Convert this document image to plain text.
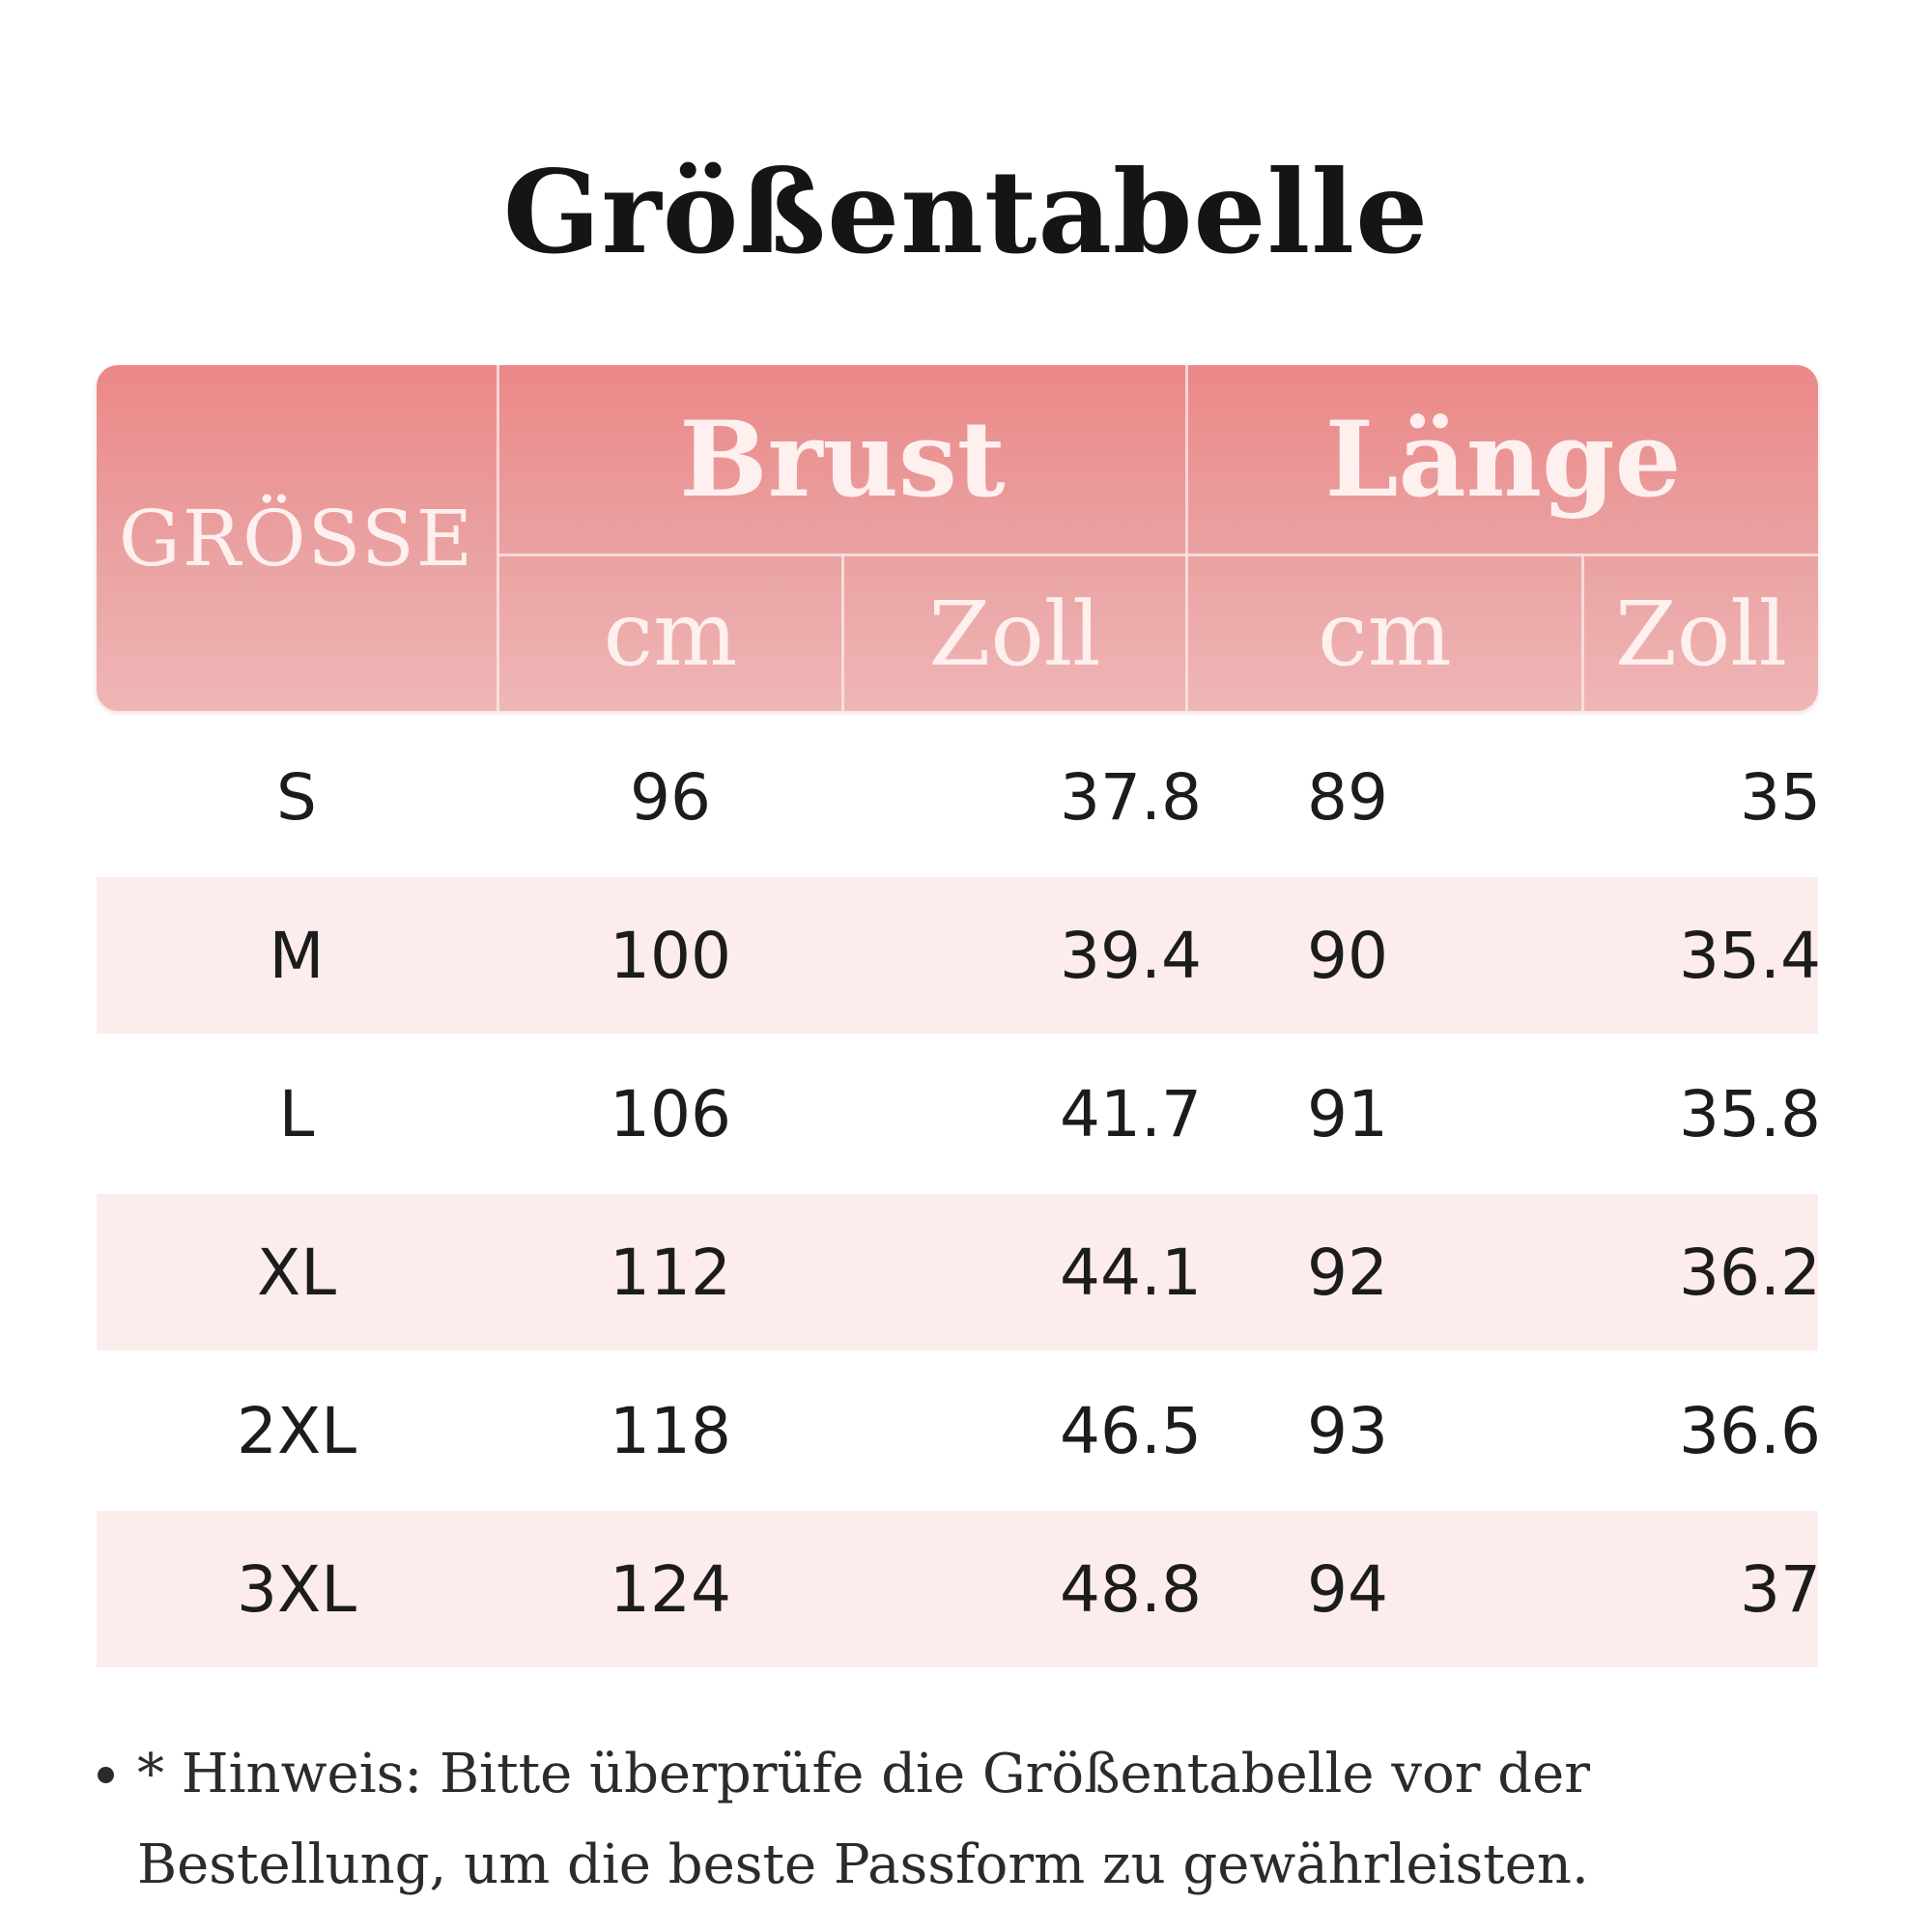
Größentabelle
GRÖSSE
Brust	Länge
cm	Zoll	cm	Zoll
S	96	37.8	89	35
M	100	39.4	90	35.4
L	106	41.7	91	35.8
XL	112	44.1	92	36.2
2XL	118	46.5	93	36.6
3XL	124	48.8	94	37
• * Hinweis: Bitte überprüfe die Größentabelle vor der Bestellung, um die beste Passform zu gewährleisten.
